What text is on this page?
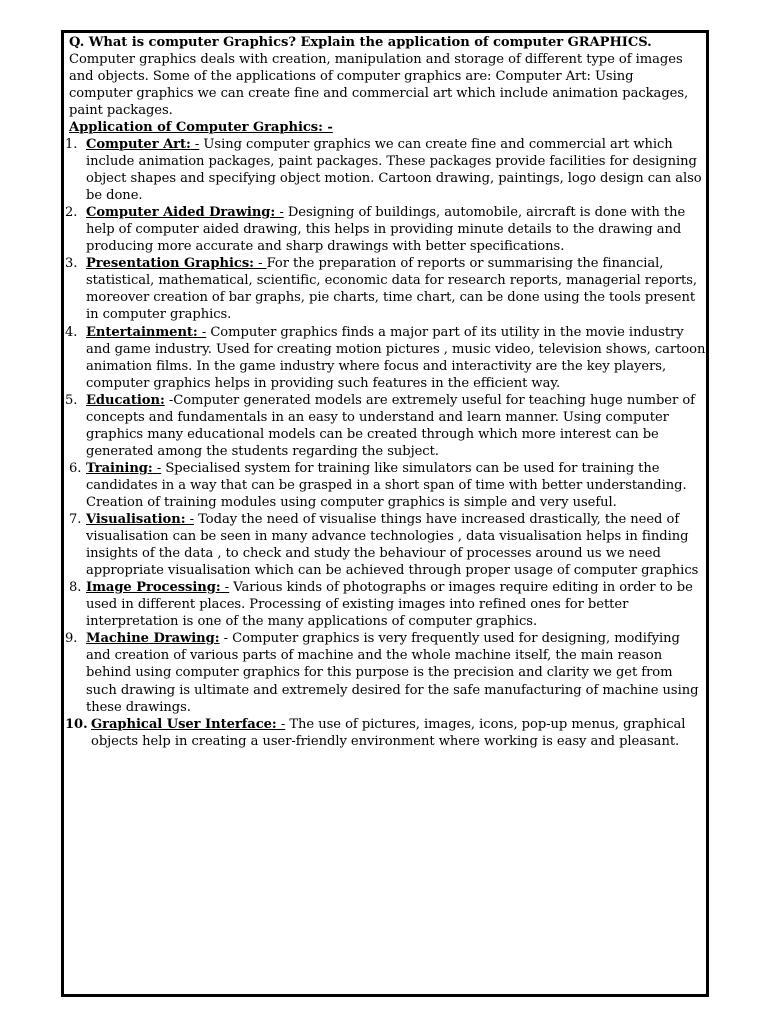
Q. What is computer Graphics? Explain the application of computer GRAPHICS.
Computer graphics deals with creation, manipulation and storage of different type of images and objects. Some of the applications of computer graphics are: Computer Art: Using computer graphics we can create fine and commercial art which include animation packages, paint packages.
Application of Computer Graphics: -
1. Computer Art: - Using computer graphics we can create fine and commercial art which include animation packages, paint packages. These packages provide facilities for designing object shapes and specifying object motion. Cartoon drawing, paintings, logo design can also be done.
2. Computer Aided Drawing: - Designing of buildings, automobile, aircraft is done with the help of computer aided drawing, this helps in providing minute details to the drawing and producing more accurate and sharp drawings with better specifications.
3. Presentation Graphics: - For the preparation of reports or summarising the financial, statistical, mathematical, scientific, economic data for research reports, managerial reports, moreover creation of bar graphs, pie charts, time chart, can be done using the tools present in computer graphics.
4. Entertainment: - Computer graphics finds a major part of its utility in the movie industry and game industry. Used for creating motion pictures , music video, television shows, cartoon animation films. In the game industry where focus and interactivity are the key players, computer graphics helps in providing such features in the efficient way.
5. Education: -Computer generated models are extremely useful for teaching huge number of concepts and fundamentals in an easy to understand and learn manner. Using computer graphics many educational models can be created through which more interest can be generated among the students regarding the subject.
6. Training: - Specialised system for training like simulators can be used for training the candidates in a way that can be grasped in a short span of time with better understanding. Creation of training modules using computer graphics is simple and very useful.
7. Visualisation: - Today the need of visualise things have increased drastically, the need of visualisation can be seen in many advance technologies , data visualisation helps in finding insights of the data , to check and study the behaviour of processes around us we need appropriate visualisation which can be achieved through proper usage of computer graphics
8. Image Processing: - Various kinds of photographs or images require editing in order to be used in different places. Processing of existing images into refined ones for better interpretation is one of the many applications of computer graphics.
9. Machine Drawing: - Computer graphics is very frequently used for designing, modifying and creation of various parts of machine and the whole machine itself, the main reason behind using computer graphics for this purpose is the precision and clarity we get from such drawing is ultimate and extremely desired for the safe manufacturing of machine using these drawings.
10. Graphical User Interface: - The use of pictures, images, icons, pop-up menus, graphical objects help in creating a user-friendly environment where working is easy and pleasant.
